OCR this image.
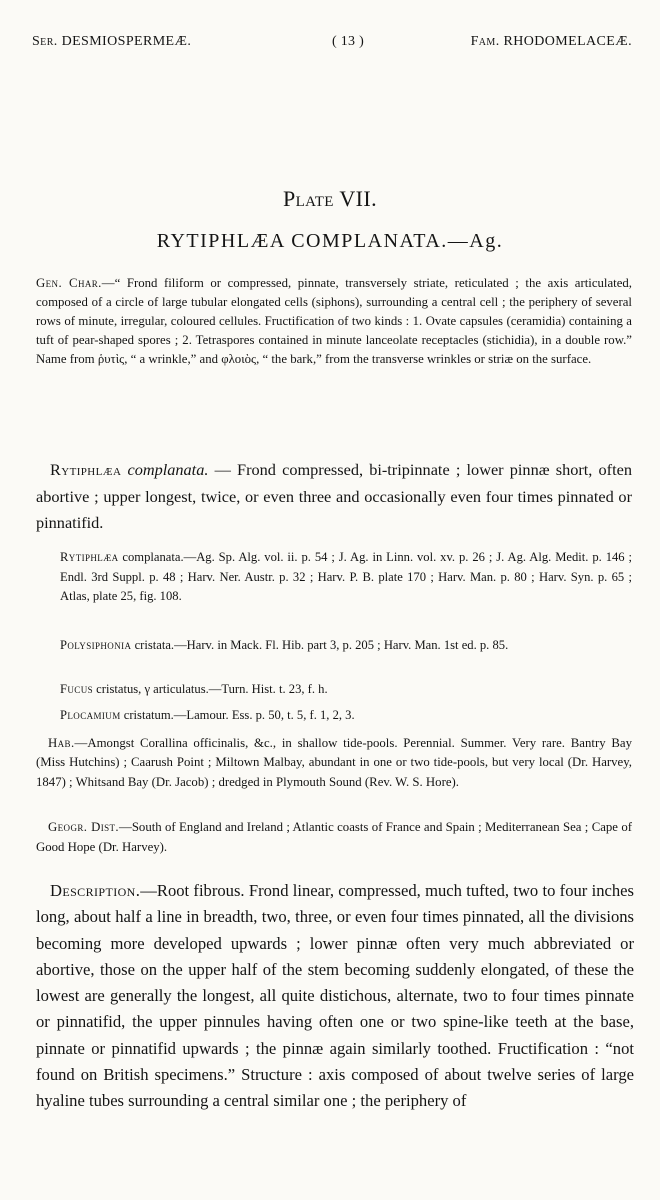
Ser. DESMIOSPERMEÆ.	( 13 )	Fam. RHODOMELACEÆ.
Plate VII.
RYTIPHLÆA COMPLANATA.—Ag.
Gen. Char.—“ Frond filiform or compressed, pinnate, transversely striate, reticulated ; the axis articulated, composed of a circle of large tubular elongated cells (siphons), surrounding a central cell ; the periphery of several rows of minute, irregular, coloured cellules. Fructification of two kinds : 1. Ovate capsules (ceramidia) containing a tuft of pear-shaped spores ; 2. Tetraspores contained in minute lanceolate receptacles (stichidia), in a double row.” Name from ῥυτὶς, “ a wrinkle,” and φλοιὸς, “ the bark,” from the transverse wrinkles or striæ on the surface.
Rytiphlæa complanata. — Frond compressed, bi-tripinnate ; lower pinnæ short, often abortive ; upper longest, twice, or even three and occasionally even four times pinnated or pinnatifid.
Rytiphlæa complanata.—Ag. Sp. Alg. vol. ii. p. 54 ; J. Ag. in Linn. vol. xv. p. 26 ; J. Ag. Alg. Medit. p. 146 ; Endl. 3rd Suppl. p. 48 ; Harv. Ner. Austr. p. 32 ; Harv. P. B. plate 170 ; Harv. Man. p. 80 ; Harv. Syn. p. 65 ; Atlas, plate 25, fig. 108.
Polysiphonia cristata.—Harv. in Mack. Fl. Hib. part 3, p. 205 ; Harv. Man. 1st ed. p. 85.
Fucus cristatus, γ articulatus.—Turn. Hist. t. 23, f. h.
Plocamium cristatum.—Lamour. Ess. p. 50, t. 5, f. 1, 2, 3.
Hab.—Amongst Corallina officinalis, &c., in shallow tide-pools. Perennial. Summer. Very rare. Bantry Bay (Miss Hutchins) ; Caarush Point ; Miltown Malbay, abundant in one or two tide-pools, but very local (Dr. Harvey, 1847) ; Whitsand Bay (Dr. Jacob) ; dredged in Plymouth Sound (Rev. W. S. Hore).
Geogr. Dist.—South of England and Ireland ; Atlantic coasts of France and Spain ; Mediterranean Sea ; Cape of Good Hope (Dr. Harvey).
Description.—Root fibrous. Frond linear, compressed, much tufted, two to four inches long, about half a line in breadth, two, three, or even four times pinnated, all the divisions becoming more developed upwards ; lower pinnæ often very much abbreviated or abortive, those on the upper half of the stem becoming suddenly elongated, of these the lowest are generally the longest, all quite distichous, alternate, two to four times pinnate or pinnatifid, the upper pinnules having often one or two spine-like teeth at the base, pinnate or pinnatifid upwards ; the pinnæ again similarly toothed. Fructification : “not found on British specimens.” Structure : axis composed of about twelve series of large hyaline tubes surrounding a central similar one ; the periphery of
